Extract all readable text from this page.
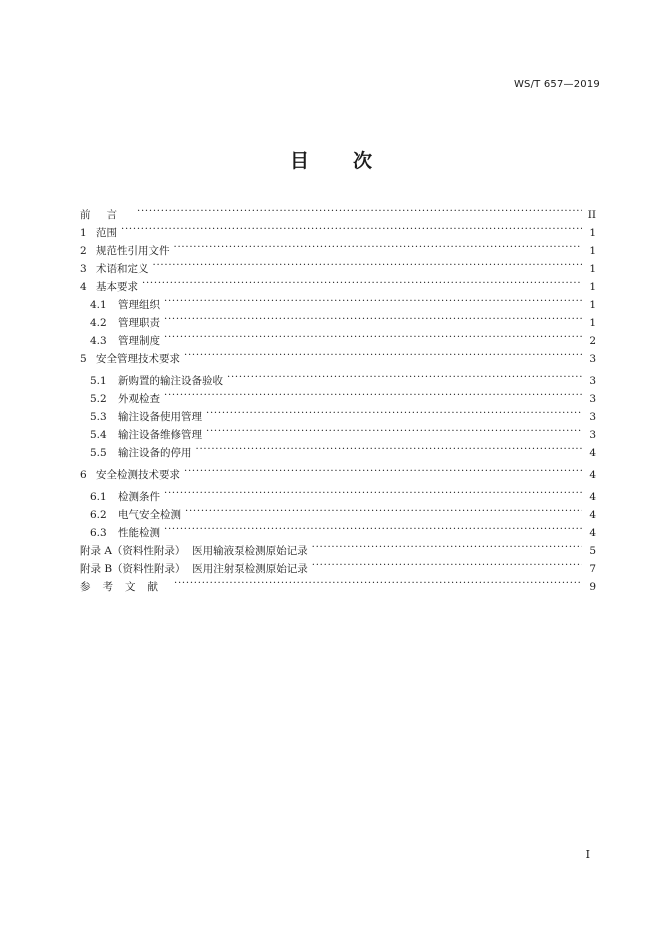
WS/T 657—2019
目 次
前言 . . .	II
1 范围 . . .	1
2 规范性引用文件 . . .	1
3 术语和定义 . . .	1
4 基本要求 . . .	1
4.1	管理组织 . . .	1
4.2	管理职责 . . .	1
4.3	管理制度 . . .	2
5 安全管理技术要求 . . .	3
5.1	新购置的输注设备验收 . . .	3
5.2	外观检查 . . .	3
5.3	输注设备使用管理 . . .	3
5.4	输注设备维修管理 . . .	3
5.5	输注设备的停用 . . .	4
6 安全检测技术要求 . . .	4
6.1	检测条件 . . .	4
6.2	电气安全检测 . . .	4
6.3	性能检测 . . .	4
附录 A（资料性附录）  医用输液泵检测原始记录 . . .	5
附录 B（资料性附录）  医用注射泵检测原始记录 . . .	7
参考文献 . . .	9
I
